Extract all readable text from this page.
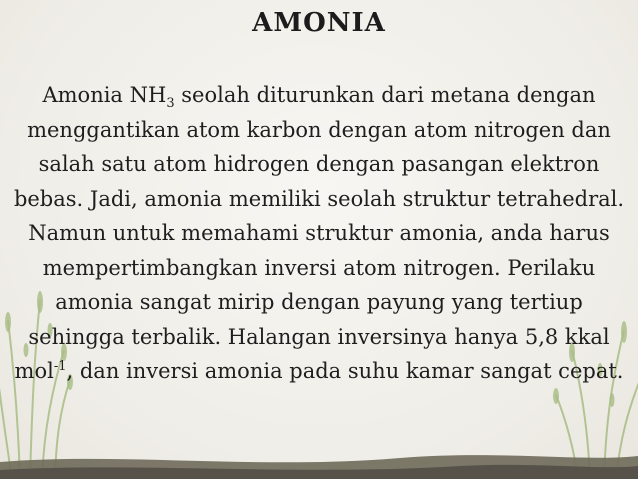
AMONIA
Amonia $NH_3$ seolah diturunkan dari metana dengan menggantikan atom karbon dengan atom nitrogen dan salah satu atom hidrogen dengan pasangan elektron bebas. Jadi, amonia memiliki seolah struktur tetrahedral. Namun untuk memahami struktur amonia, anda harus mempertimbangkan inversi atom nitrogen. Perilaku amonia sangat mirip dengan payung yang tertiup sehingga terbalik. Halangan inversinya hanya 5,8 kkal mol$^{-1}$, dan inversi amonia pada suhu kamar sangat cepat.
